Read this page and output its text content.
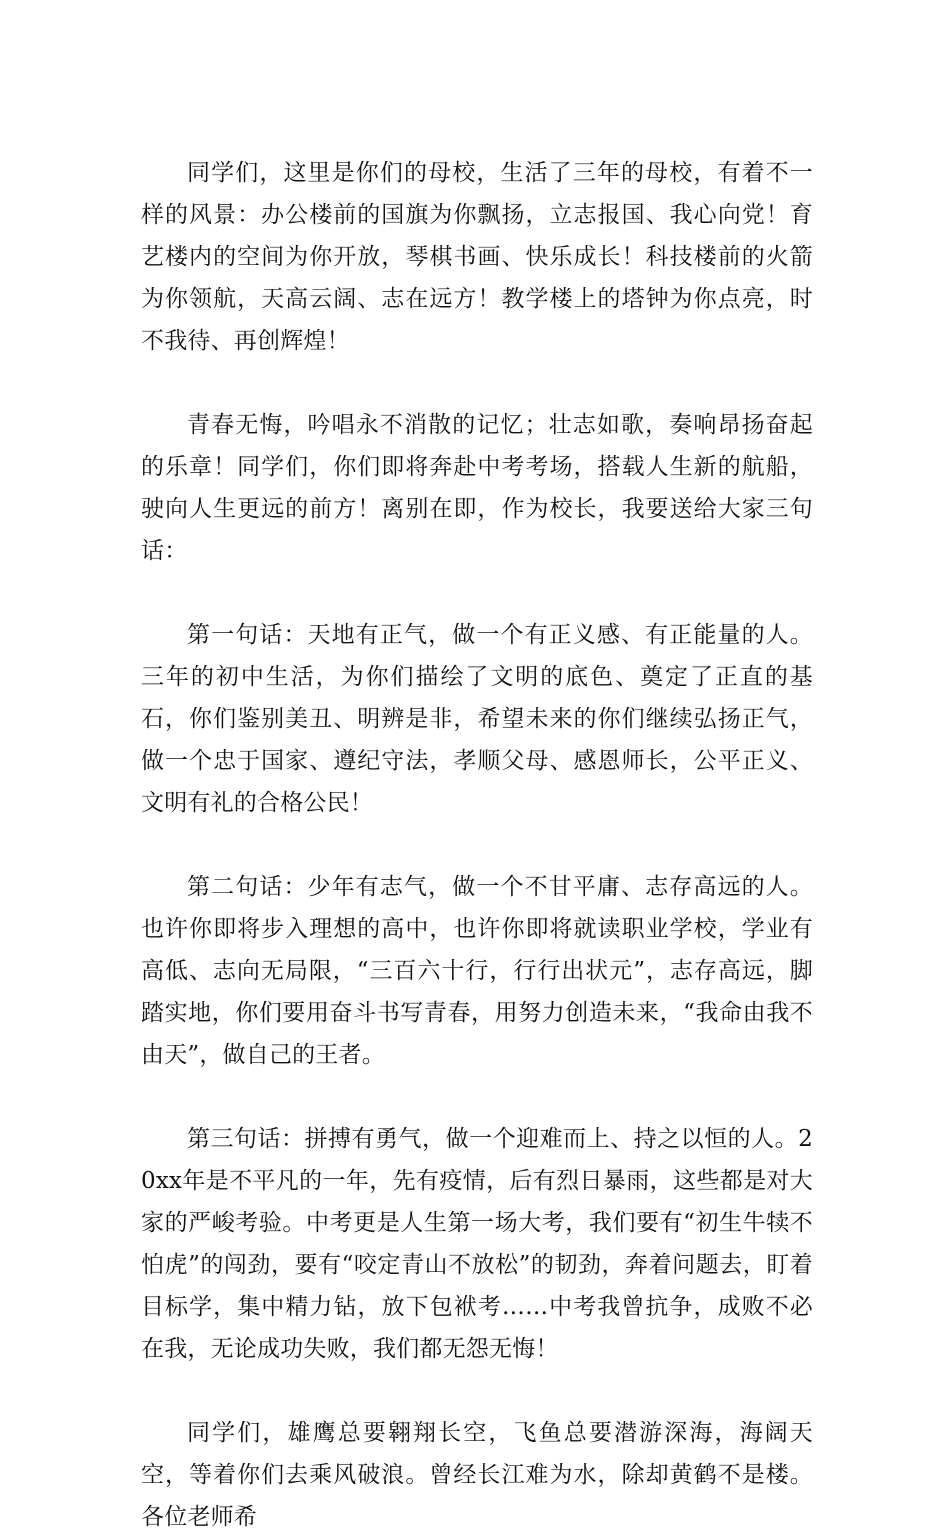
同学们，这里是你们的母校，生活了三年的母校，有着不一样的风景：办公楼前的国旗为你飘扬，立志报国、我心向党！育艺楼内的空间为你开放，琴棋书画、快乐成长！科技楼前的火箭为你领航，天高云阔、志在远方！教学楼上的塔钟为你点亮，时不我待、再创辉煌！

青春无悔，吟唱永不消散的记忆；壮志如歌，奏响昂扬奋起的乐章！同学们，你们即将奔赴中考考场，搭载人生新的航船，驶向人生更远的前方！离别在即，作为校长，我要送给大家三句话：

第一句话：天地有正气，做一个有正义感、有正能量的人。三年的初中生活，为你们描绘了文明的底色、奠定了正直的基石，你们鉴别美丑、明辨是非，希望未来的你们继续弘扬正气，做一个忠于国家、遵纪守法，孝顺父母、感恩师长，公平正义、文明有礼的合格公民！

第二句话：少年有志气，做一个不甘平庸、志存高远的人。也许你即将步入理想的高中，也许你即将就读职业学校，学业有高低、志向无局限，“三百六十行，行行出状元”，志存高远，脚踏实地，你们要用奋斗书写青春，用努力创造未来，“我命由我不由天”，做自己的王者。

第三句话：拼搏有勇气，做一个迎难而上、持之以恒的人。20xx年是不平凡的一年，先有疫情，后有烈日暴雨，这些都是对大家的严峻考验。中考更是人生第一场大考，我们要有“初生牛犊不怕虎”的闯劲，要有“咬定青山不放松”的韧劲，奔着问题去，盯着目标学，集中精力钻，放下包袱考……中考我曾抗争，成败不必在我，无论成功失败，我们都无怨无悔！

同学们，雄鹰总要翱翔长空，飞鱼总要潜游深海，海阔天空，等着你们去乘风破浪。曾经长江难为水，除却黄鹤不是楼。各位老师希
